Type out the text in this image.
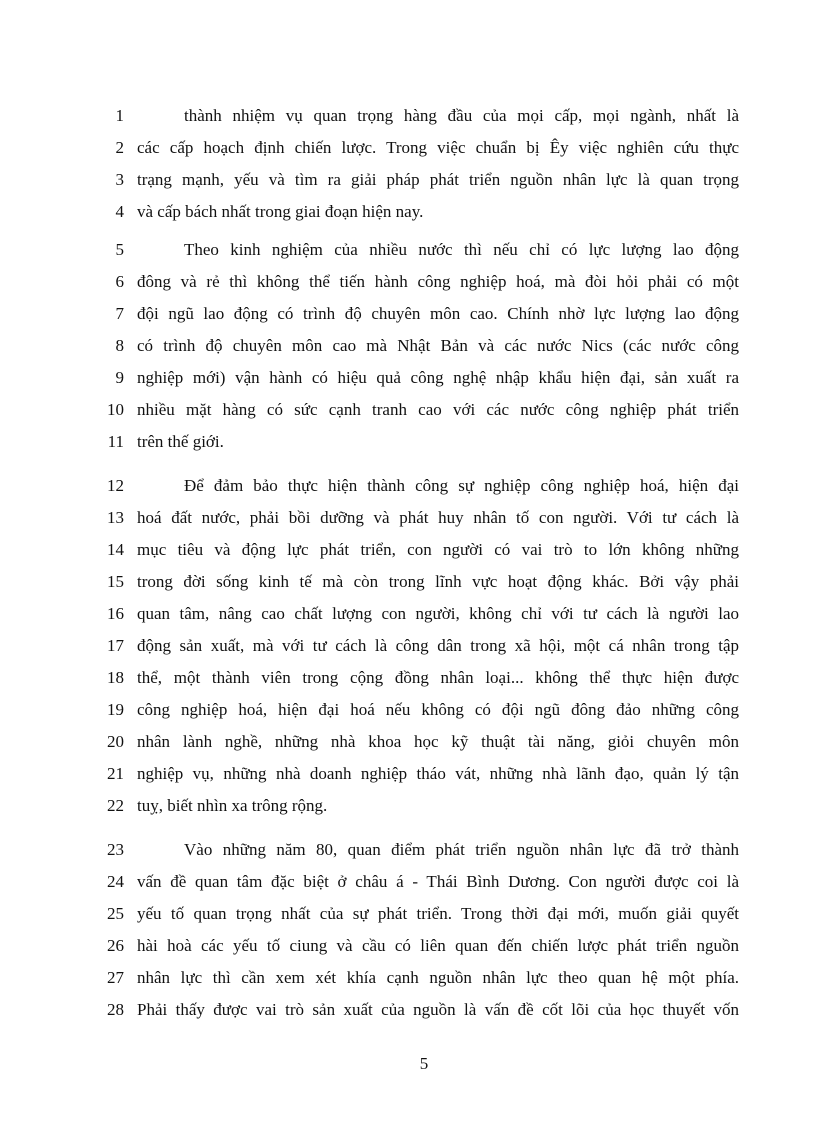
1	thành nhiệm vụ quan trọng hàng đầu của mọi cấp, mọi ngành, nhất là
2 các cấp hoạch định chiến lược. Trong việc chuẩn bị Êy việc nghiên cứu thực
3 trạng mạnh, yếu và tìm ra giải pháp phát triển nguồn nhân lực là quan trọng
4 và cấp bách nhất trong giai đoạn hiện nay.
5	Theo kinh nghiệm của nhiều nước thì nếu chỉ có lực lượng lao động
6 đông và rẻ thì không thể tiến hành công nghiệp hoá, mà đòi hỏi phải có một
7 đội ngũ lao động có trình độ chuyên môn cao. Chính nhờ lực lượng lao động
8 có trình độ chuyên môn cao mà Nhật Bản và các nước Nics (các nước công
9 nghiệp mới) vận hành có hiệu quả công nghệ nhập khẩu hiện đại, sản xuất ra
10 nhiều mặt hàng có sức cạnh tranh cao với các nước công nghiệp phát triển
11 trên thế giới.
12	Để đảm bảo thực hiện thành công sự nghiệp công nghiệp hoá, hiện đại
13 hoá đất nước, phải bồi dưỡng và phát huy nhân tố con người. Với tư cách là
14 mục tiêu và động lực phát triển, con người có vai trò to lớn không những
15 trong đời sống kinh tế mà còn trong lĩnh vực hoạt động khác. Bởi vậy phải
16 quan tâm, nâng cao chất lượng con người, không chỉ với tư cách là người lao
17 động sản xuất, mà với tư cách là công dân trong xã hội, một cá nhân trong tập
18 thể, một thành viên trong cộng đồng nhân loại... không thể thực hiện được
19 công nghiệp hoá, hiện đại hoá nếu không có đội ngũ đông đảo những công
20 nhân lành nghề, những nhà khoa học kỹ thuật tài năng, giỏi chuyên môn
21 nghiệp vụ, những nhà doanh nghiệp tháo vát, những nhà lãnh đạo, quản lý tận
22 tuỵ, biết nhìn xa trông rộng.
23	Vào những năm 80, quan điểm phát triển nguồn nhân lực đã trở thành
24 vấn đề quan tâm đặc biệt ở châu á - Thái Bình Dương. Con người được coi là
25 yếu tố quan trọng nhất của sự phát triển. Trong thời đại mới, muốn giải quyết
26 hài hoà các yếu tố ciung và cầu có liên quan đến chiến lược phát triển nguồn
27 nhân lực thì cần xem xét khía cạnh nguồn nhân lực theo quan hệ một phía.
28 Phải thấy được vai trò sản xuất của nguồn là vấn đề cốt lõi của học thuyết vốn
5
